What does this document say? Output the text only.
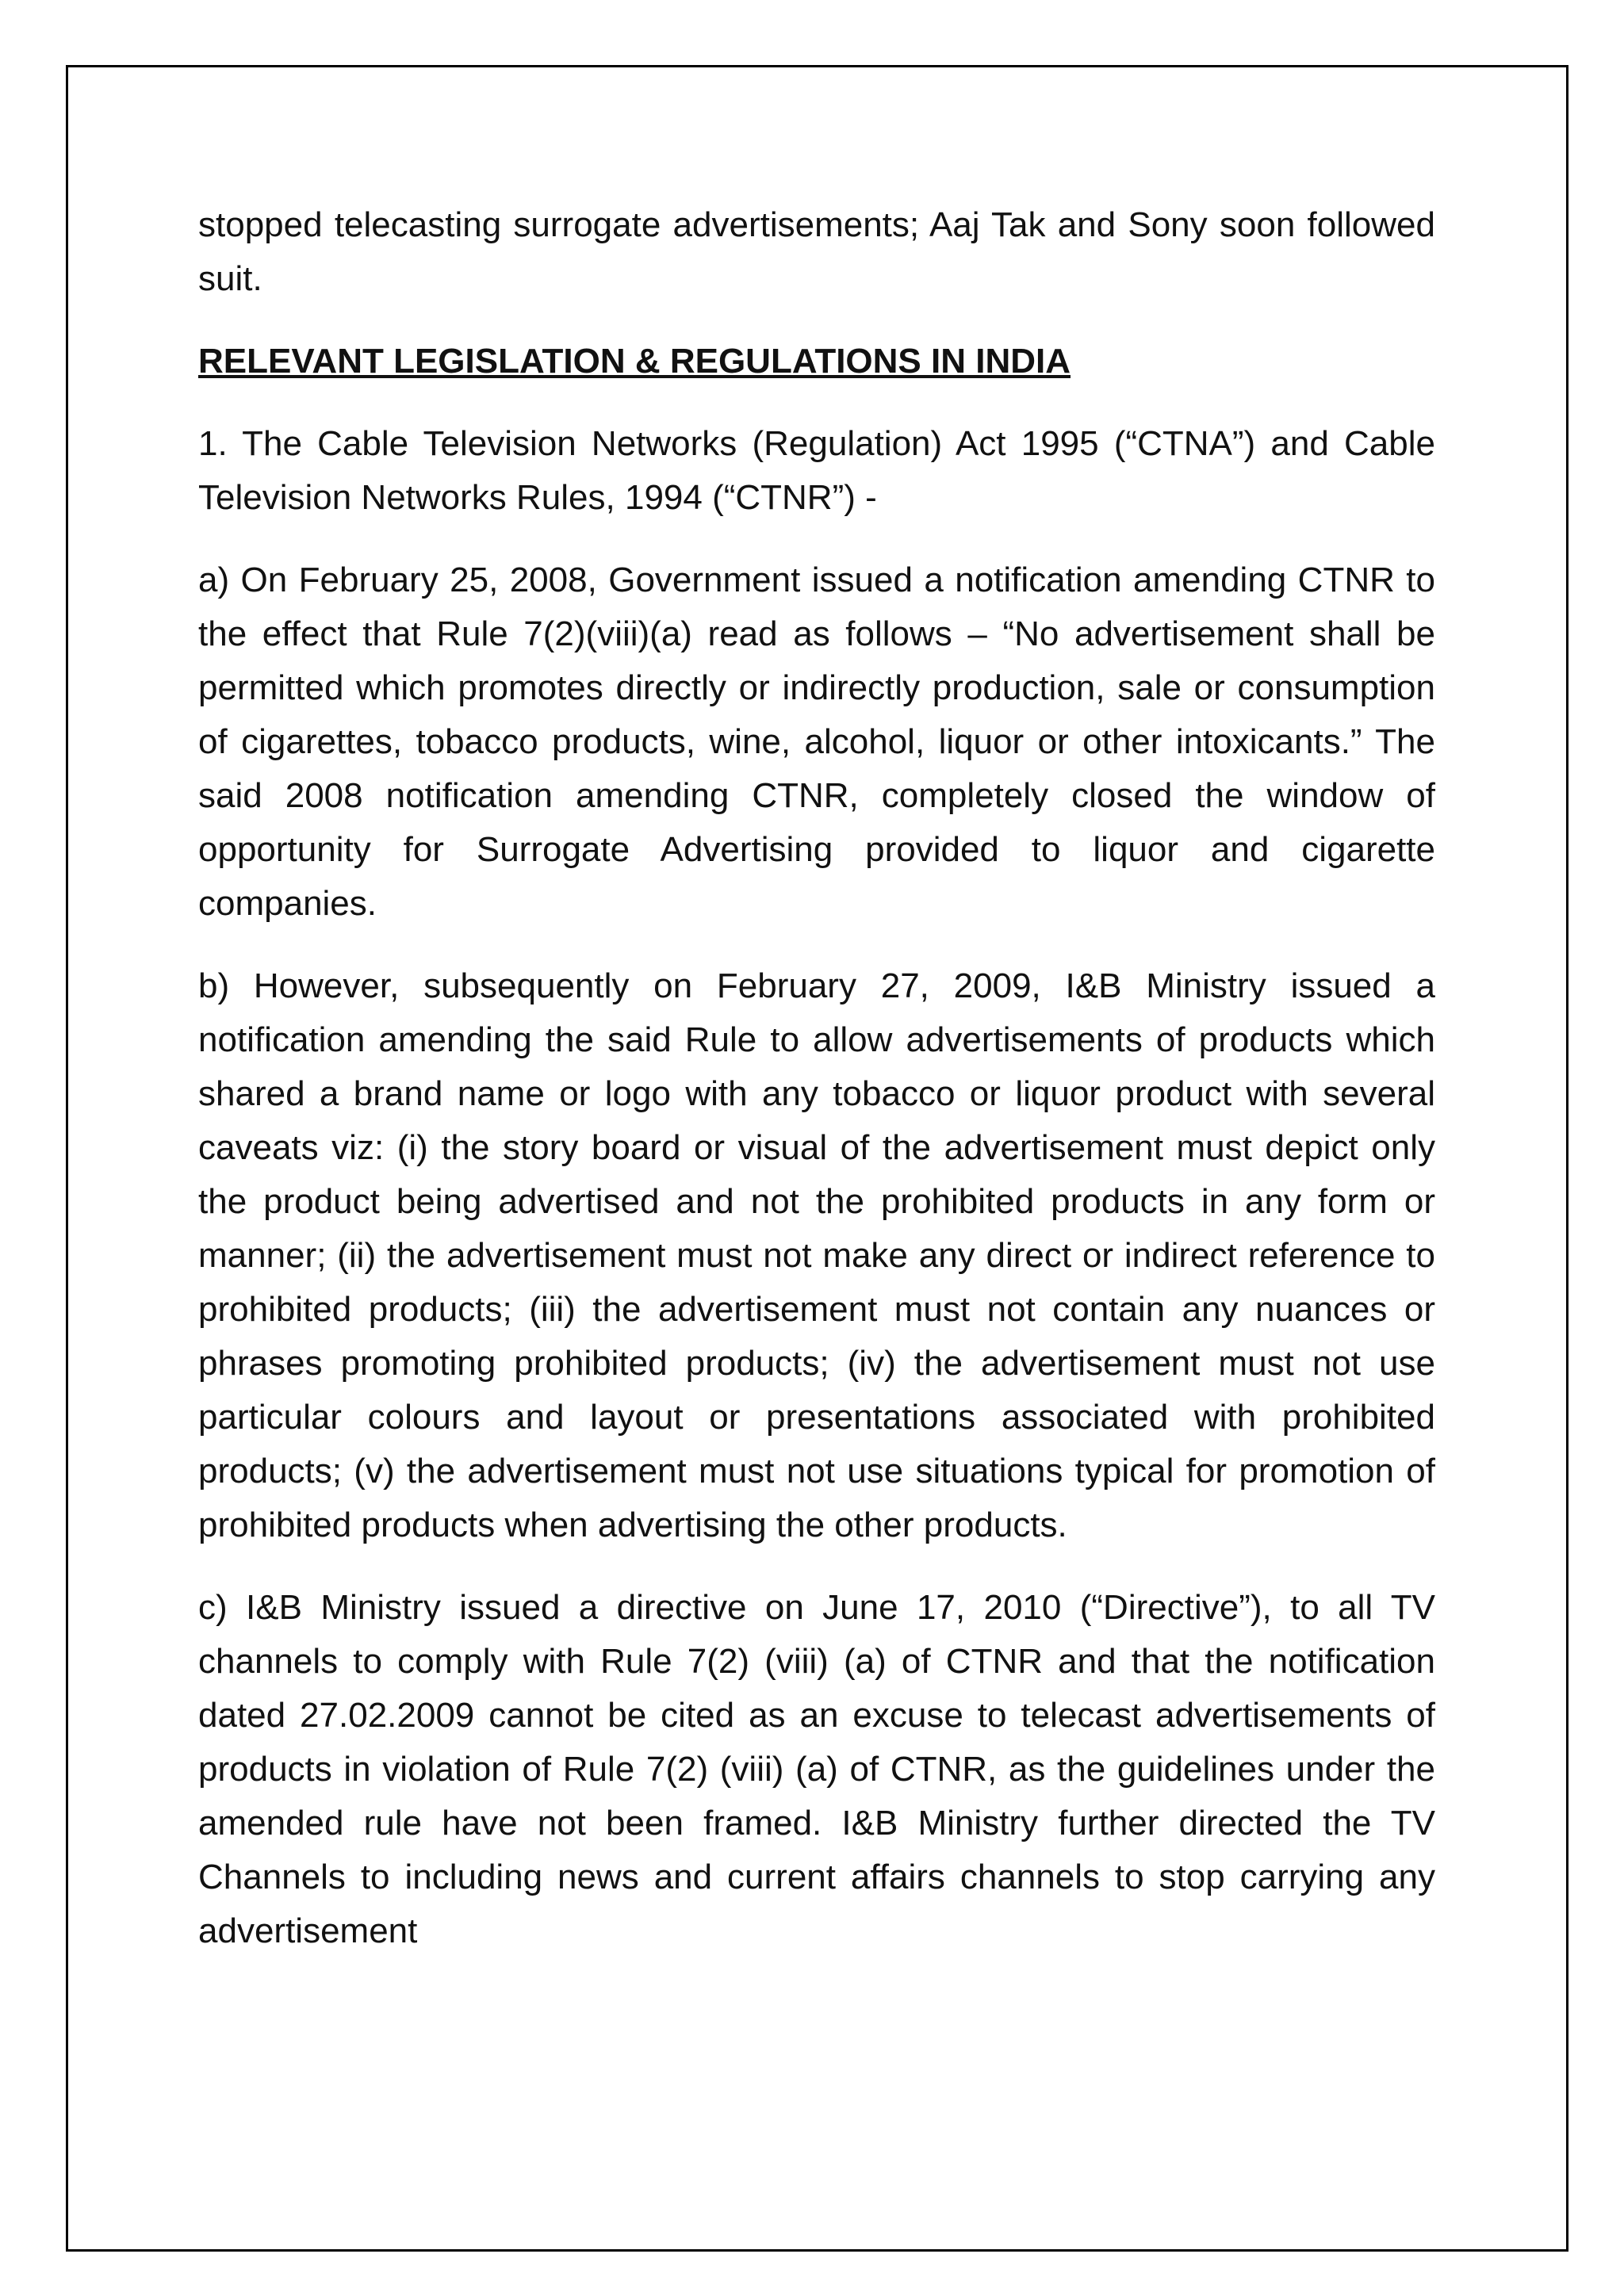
stopped telecasting surrogate advertisements; Aaj Tak and Sony soon followed suit.

RELEVANT LEGISLATION & REGULATIONS IN INDIA

1. The Cable Television Networks (Regulation) Act 1995 (“CTNA”) and Cable Television Networks Rules, 1994 (“CTNR”) -

a) On February 25, 2008, Government issued a notification amending CTNR to the effect that Rule 7(2)(viii)(a) read as follows – “No advertisement shall be permitted which promotes directly or indirectly production, sale or consumption of cigarettes, tobacco products, wine, alcohol, liquor or other intoxicants.” The said 2008 notification amending CTNR, completely closed the window of opportunity for Surrogate Advertising provided to liquor and cigarette companies.

b) However, subsequently on February 27, 2009, I&B Ministry issued a notification amending the said Rule to allow advertisements of products which shared a brand name or logo with any tobacco or liquor product with several caveats viz: (i) the story board or visual of the advertisement must depict only the product being advertised and not the prohibited products in any form or manner; (ii) the advertisement must not make any direct or indirect reference to prohibited products; (iii) the advertisement must not contain any nuances or phrases promoting prohibited products; (iv) the advertisement must not use particular colours and layout or presentations associated with prohibited products; (v) the advertisement must not use situations typical for promotion of prohibited products when advertising the other products.

c) I&B Ministry issued a directive on June 17, 2010 (“Directive”), to all TV channels to comply with Rule 7(2) (viii) (a) of CTNR and that the notification dated 27.02.2009 cannot be cited as an excuse to telecast advertisements of products in violation of Rule 7(2) (viii) (a) of CTNR, as the guidelines under the amended rule have not been framed. I&B Ministry further directed the TV Channels to including news and current affairs channels to stop carrying any advertisement
